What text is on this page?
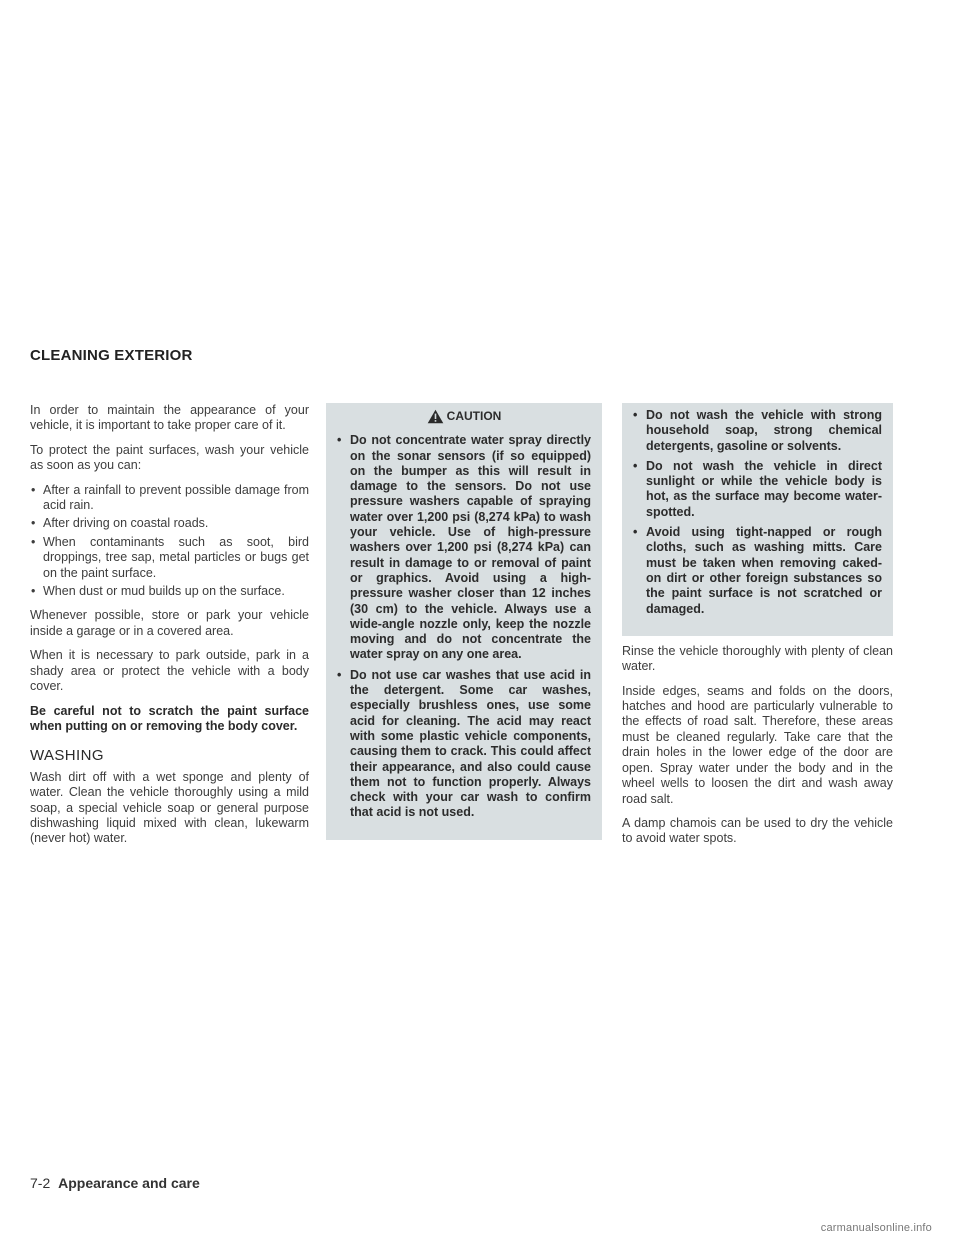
CLEANING EXTERIOR

In order to maintain the appearance of your vehicle, it is important to take proper care of it.

To protect the paint surfaces, wash your vehicle as soon as you can:

• After a rainfall to prevent possible damage from acid rain.
• After driving on coastal roads.
• When contaminants such as soot, bird droppings, tree sap, metal particles or bugs get on the paint surface.
• When dust or mud builds up on the surface.

Whenever possible, store or park your vehicle inside a garage or in a covered area.

When it is necessary to park outside, park in a shady area or protect the vehicle with a body cover.

Be careful not to scratch the paint surface when putting on or removing the body cover.

WASHING

Wash dirt off with a wet sponge and plenty of water. Clean the vehicle thoroughly using a mild soap, a special vehicle soap or general purpose dishwashing liquid mixed with clean, lukewarm (never hot) water.

CAUTION
• Do not concentrate water spray directly on the sonar sensors (if so equipped) on the bumper as this will result in damage to the sensors. Do not use pressure washers capable of spraying water over 1,200 psi (8,274 kPa) to wash your vehicle. Use of high-pressure washers over 1,200 psi (8,274 kPa) can result in damage to or removal of paint or graphics. Avoid using a high-pressure washer closer than 12 inches (30 cm) to the vehicle. Always use a wide-angle nozzle only, keep the nozzle moving and do not concentrate the water spray on any one area.
• Do not use car washes that use acid in the detergent. Some car washes, especially brushless ones, use some acid for cleaning. The acid may react with some plastic vehicle components, causing them to crack. This could affect their appearance, and also could cause them not to function properly. Always check with your car wash to confirm that acid is not used.
• Do not wash the vehicle with strong household soap, strong chemical detergents, gasoline or solvents.
• Do not wash the vehicle in direct sunlight or while the vehicle body is hot, as the surface may become water-spotted.
• Avoid using tight-napped or rough cloths, such as washing mitts. Care must be taken when removing caked-on dirt or other foreign substances so the paint surface is not scratched or damaged.

Rinse the vehicle thoroughly with plenty of clean water.

Inside edges, seams and folds on the doors, hatches and hood are particularly vulnerable to the effects of road salt. Therefore, these areas must be cleaned regularly. Take care that the drain holes in the lower edge of the door are open. Spray water under the body and in the wheel wells to loosen the dirt and wash away road salt.

A damp chamois can be used to dry the vehicle to avoid water spots.

7-2 Appearance and care
carmanualsonline.info
